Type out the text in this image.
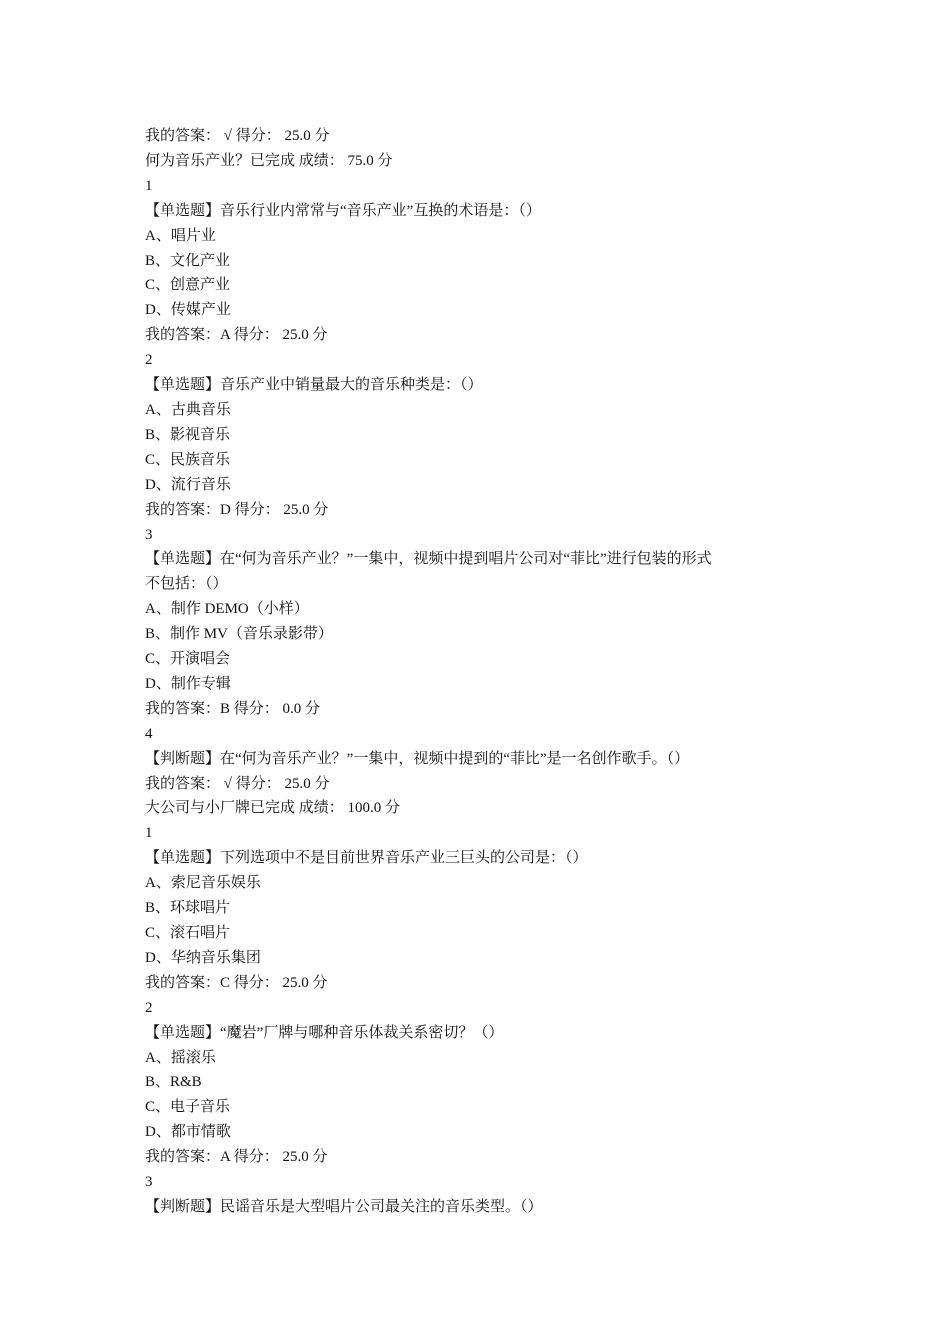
我的答案： √ 得分： 25.0 分

何为音乐产业？已完成 成绩： 75.0 分

1

【单选题】音乐行业内常常与“音乐产业”互换的术语是：（）

A、唱片业

B、文化产业

C、创意产业

D、传媒产业

我的答案：A 得分： 25.0 分

2

【单选题】音乐产业中销量最大的音乐种类是：（）

A、古典音乐

B、影视音乐

C、民族音乐

D、流行音乐

我的答案：D 得分： 25.0 分

3

【单选题】在“何为音乐产业？”一集中，视频中提到唱片公司对“菲比”进行包装的形式

不包括：（）

A、制作 DEMO（小样）

B、制作 MV（音乐录影带）

C、开演唱会

D、制作专辑

我的答案：B 得分： 0.0 分

4

【判断题】在“何为音乐产业？”一集中，视频中提到的“菲比”是一名创作歌手。（）

我的答案： √ 得分： 25.0 分

大公司与小厂牌已完成 成绩： 100.0 分

1

【单选题】下列选项中不是目前世界音乐产业三巨头的公司是：（）

A、索尼音乐娱乐

B、环球唱片

C、滚石唱片

D、华纳音乐集团

我的答案：C 得分： 25.0 分

2

【单选题】“魔岩”厂牌与哪种音乐体裁关系密切？（）

A、摇滚乐

B、R&B

C、电子音乐

D、都市情歌

我的答案：A 得分： 25.0 分

3

【判断题】民谣音乐是大型唱片公司最关注的音乐类型。（）
